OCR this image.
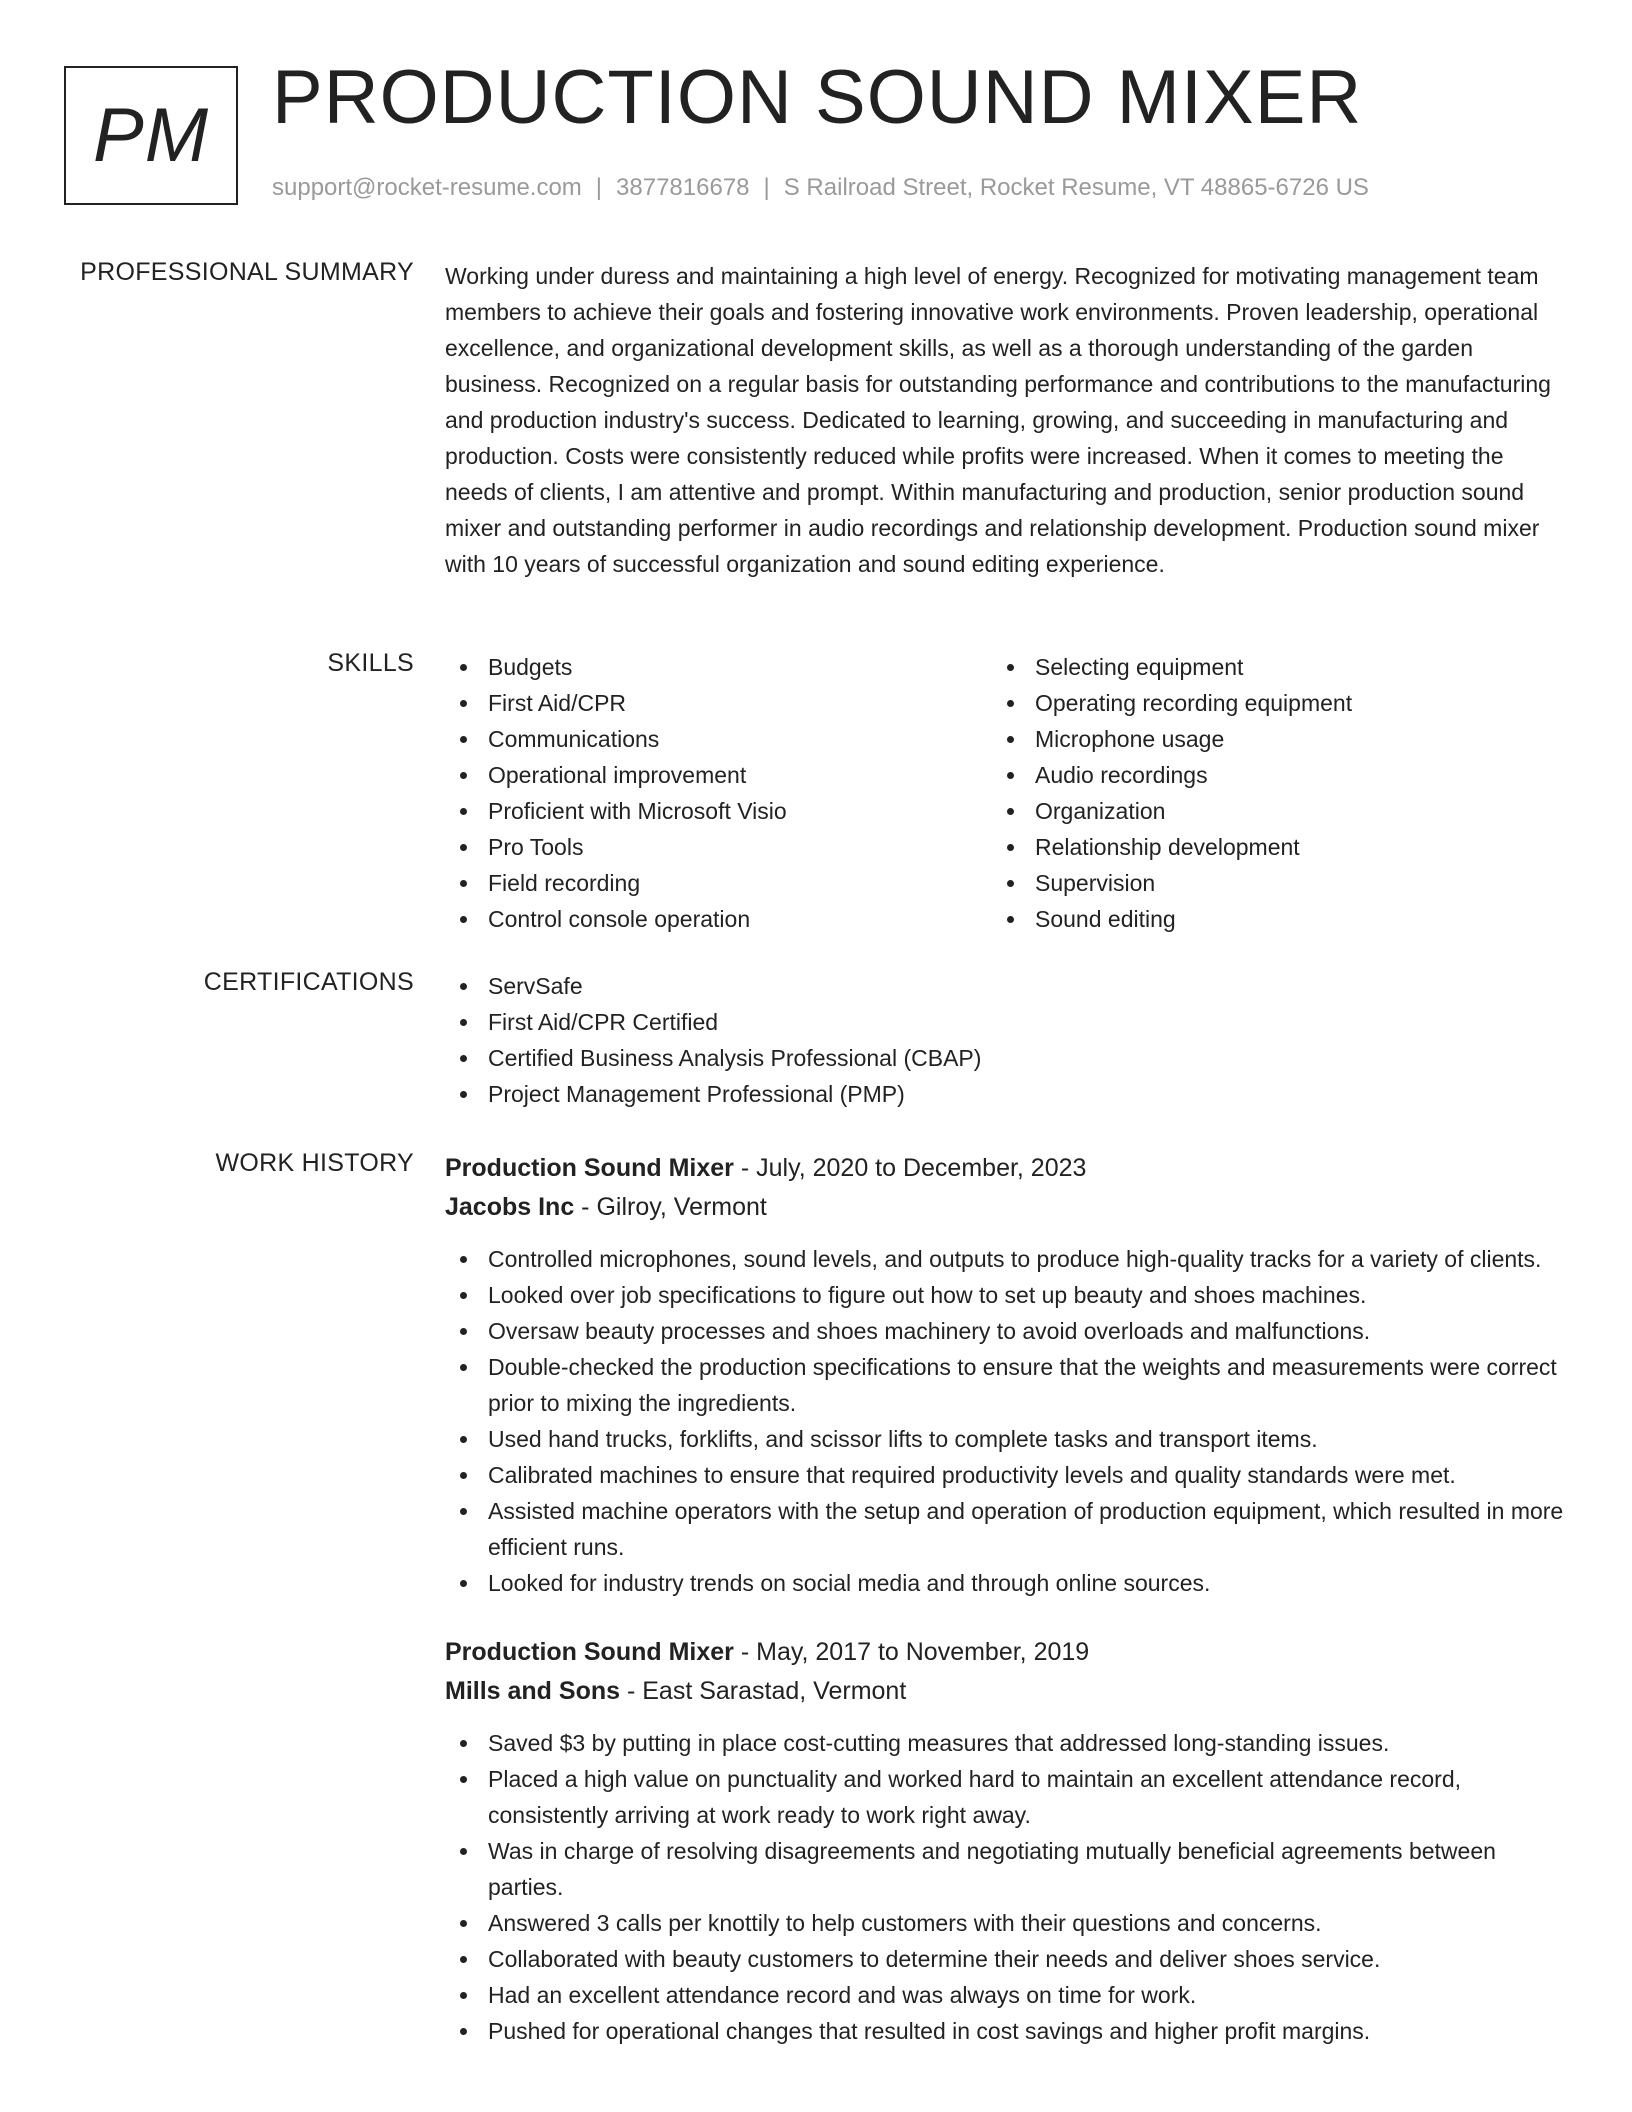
PM PRODUCTION SOUND MIXER
support@rocket-resume.com | 3877816678 | S Railroad Street, Rocket Resume, VT 48865-6726 US
PROFESSIONAL SUMMARY Working under duress and maintaining a high level of energy. Recognized for motivating management team members to achieve their goals and fostering innovative work environments. Proven leadership, operational excellence, and organizational development skills, as well as a thorough understanding of the garden business. Recognized on a regular basis for outstanding performance and contributions to the manufacturing and production industry's success. Dedicated to learning, growing, and succeeding in manufacturing and production. Costs were consistently reduced while profits were increased. When it comes to meeting the needs of clients, I am attentive and prompt. Within manufacturing and production, senior production sound mixer and outstanding performer in audio recordings and relationship development. Production sound mixer with 10 years of successful organization and sound editing experience.

SKILLS	Budgets
First Aid/CPR
Communications
Operational improvement
Proficient with Microsoft Visio
Pro Tools
Field recording
Control console operation
Selecting equipment
Operating recording equipment
Microphone usage
Audio recordings
Organization
Relationship development
Supervision
Sound editing
CERTIFICATIONS	ServSafe
First Aid/CPR Certified
Certified Business Analysis Professional (CBAP)
Project Management Professional (PMP)
WORK HISTORY Production Sound Mixer - July, 2020 to December, 2023
Jacobs Inc - Gilroy, Vermont
Controlled microphones, sound levels, and outputs to produce high-quality tracks for a variety of clients.
Looked over job specifications to figure out how to set up beauty and shoes machines.
Oversaw beauty processes and shoes machinery to avoid overloads and malfunctions.
Double-checked the production specifications to ensure that the weights and measurements were correct prior to mixing the ingredients.
Used hand trucks, forklifts, and scissor lifts to complete tasks and transport items.
Calibrated machines to ensure that required productivity levels and quality standards were met.
Assisted machine operators with the setup and operation of production equipment, which resulted in more efficient runs.
Looked for industry trends on social media and through online sources.
Production Sound Mixer - May, 2017 to November, 2019
Mills and Sons - East Sarastad, Vermont
Saved $3 by putting in place cost-cutting measures that addressed long-standing issues.
Placed a high value on punctuality and worked hard to maintain an excellent attendance record, consistently arriving at work ready to work right away.
Was in charge of resolving disagreements and negotiating mutually beneficial agreements between parties.
Answered 3 calls per knottily to help customers with their questions and concerns.
Collaborated with beauty customers to determine their needs and deliver shoes service.
Had an excellent attendance record and was always on time for work.
Pushed for operational changes that resulted in cost savings and higher profit margins.
